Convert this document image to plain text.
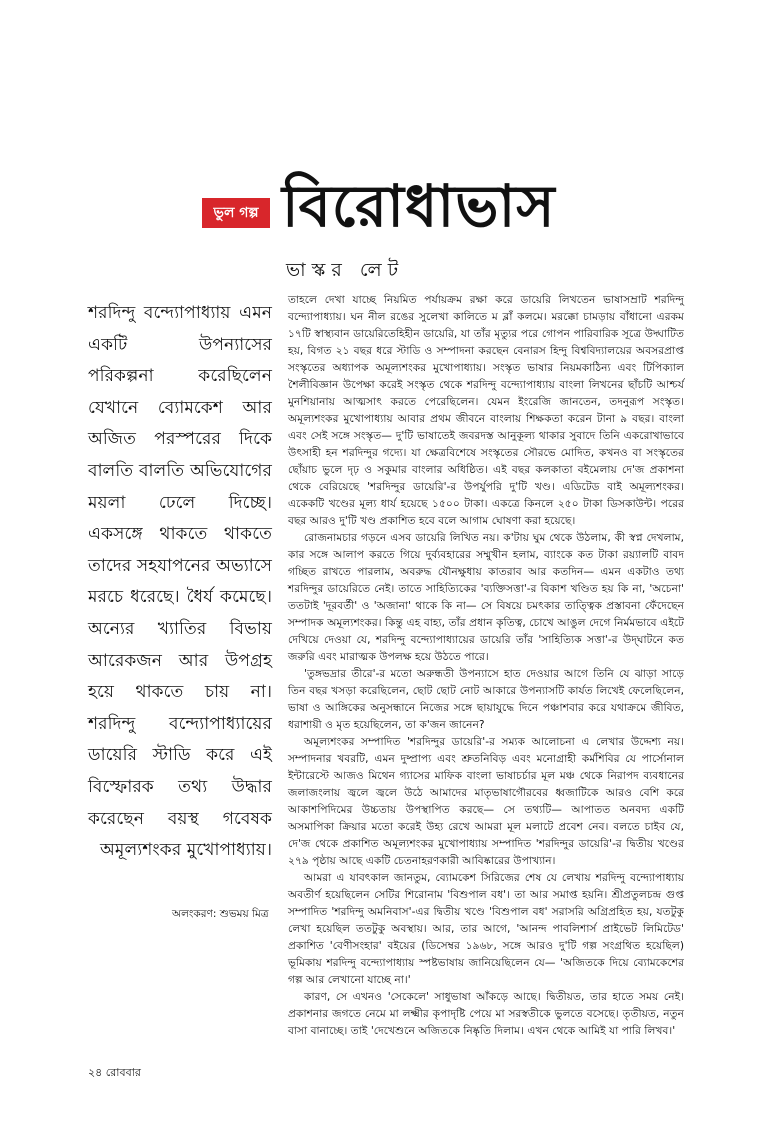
ভুল গল্প বিরোধাভাস
ভাস্কর লেট

শরদিন্দু বন্দ্যোপাধ্যায় এমন একটি উপন্যাসের পরিকল্পনা করেছিলেন যেখানে ব্যোমকেশ আর অজিত পরস্পরের দিকে বালতি বালতি অভিযোগের ময়লা ঢেলে দিচ্ছে। একসঙ্গে থাকতে থাকতে তাদের সহযাপনের অভ্যাসে মরচে ধরেছে। ধৈর্য কমেছে। অন্যের খ্যাতির বিভায় আরেকজন আর উপগ্রহ হয়ে থাকতে চায় না। শরদিন্দু বন্দ্যোপাধ্যায়ের ডায়েরি স্টাডি করে এই বিস্ফোরক তথ্য উদ্ধার করেছেন বয়স্থ গবেষক অমূল্যশংকর মুখোপাধ্যায়।

অলংকরণ: শুভময় মিত্র

তাহলে দেখা যাচ্ছে নিয়মিত পর্যায়ক্রম রক্ষা করে ডায়েরি লিখতেন ভাষাসম্রাট শরদিন্দু বন্দ্যোপাধ্যায়। ঘন নীল রঙের সুলেখা কালিতে ম ব্লাঁ কলমে। মরক্কো চামড়ায় বাঁধানো এরকম ১৭টি স্বাস্থ্যবান ডায়েরিতেহিহীন ডায়েরি, যা তাঁর মৃত্যুর পরে গোপন পারিবারিক সূত্রে উদ্ঘাটিত হয়, বিগত ২১ বছর ধরে স্টাডি ও সম্পাদনা করছেন বেনারস হিন্দু বিশ্ববিদ্যালয়ের অবসরপ্রাপ্ত সংস্কৃতের অধ্যাপক অমূল্যশংকর মুখোপাধ্যায়। সংস্কৃত ভাষার নিয়মকাঠিন্য এবং টিপিক্যাল শৈলীবিজ্ঞান উপেক্ষা করেই সংস্কৃত থেকে শরদিন্দু বন্দ্যোপাধ্যায় বাংলা লিখনের ছাঁচটি আশ্চর্য মুনশিয়ানায় আত্মসাৎ করতে পেরেছিলেন। যেমন ইংরেজি জানতেন, তদনুরূপ সংস্কৃত। অমূল্যশংকর মুখোপাধ্যায় আবার প্রথম জীবনে বাংলায় শিক্ষকতা করেন টানা ৯ বছর। বাংলা এবং সেই সঙ্গে সংস্কৃত— দু'টি ভাষাতেই জবরদস্ত আনুকূল্য থাকার সুবাদে তিনি একরোখাভাবে উৎসাহী হন শরদিন্দুর গদ্যে। যা ক্ষেত্রবিশেষে সংস্কৃতের সৌরভে মোদিত, কখনও বা সংস্কৃতের ছোঁয়াচ ভুলে দৃঢ় ও সকুমার বাংলার অধিষ্ঠিত। এই বছর কলকাতা বইমেলায় দে'জ প্রকাশনা থেকে বেরিয়েছে 'শরদিন্দুর ডায়েরি'-র উপর্যুপরি দু'টি খণ্ড। এডিটেড বাই অমূল্যশংকর। একেকটি খণ্ডের মূল্য ধার্য হয়েছে ১৫০০ টাকা। একত্রে কিনলে ২৫০ টাকা ডিসকাউন্ট। পরের বছর আরও দু'টি খণ্ড প্রকাশিত হবে বলে আগাম ঘোষণা করা হয়েছে।

রোজনামচার গড়নে এসব ডায়েরি লিখিত নয়। ক'টায় ঘুম থেকে উঠলাম, কী স্বপ্ন দেখলাম, কার সঙ্গে আলাপ করতে গিয়ে দুর্ব্যবহারের সম্মুখীন হলাম, ব্যাংকে কত টাকা রয়্যালটি বাবদ গচ্ছিত রাখতে পারলাম, অবরুদ্ধ যৌনক্ষুধায় কাতরাব আর কতদিন— এমন একটাও তথ্য শরদিন্দুর ডায়েরিতে নেই। তাতে সাহিত্যিকের 'ব্যক্তিসত্তা'-র বিকাশ খণ্ডিত হয় কি না, 'অচেনা' ততটাই 'দূরবর্তী' ও 'অজানা' থাকে কি না— সে বিষয়ে চমৎকার তাত্ত্বিক প্রস্তাবনা ফেঁদেছেন সম্পাদক অমূল্যশংকর। কিন্তু এহ বাহ্য, তাঁর প্রধান কৃতিত্ব, চোখে আঙুল দেগে নির্মমভাবে এইটে দেখিয়ে দেওয়া যে, শরদিন্দু বন্দ্যোপাধ্যায়ের ডায়েরি তাঁর 'সাহিত্যিক সত্তা'-র উদ্‌ঘাটনে কত জরুরি এবং মারাত্মক উপলক্ষ হয়ে উঠতে পারে।

'তুঙ্গভদ্রার তীরে'-র মতো অরুন্ধতী উপন্যাসে হাত দেওয়ার আগে তিনি যে ঝাড়া সাড়ে তিন বছর খসড়া করেছিলেন, ছোট ছোট নোট আকারে উপন্যাসটি কার্যত লিখেই ফেলেছিলেন, ভাষা ও আঙ্গিকের অনুসন্ধানে নিজের সঙ্গে ছায়াযুদ্ধে দিনে পঞ্চাশবার করে যথাক্রমে জীবিত, ধরাশায়ী ও মৃত হয়েছিলেন, তা ক'জন জানেন?

অমূল্যশংকর সম্পাদিত 'শরদিন্দুর ডায়েরি'-র সম্যক আলোচনা এ লেখার উদ্দেশ্য নয়। সম্পাদনার খবরটি, এমন দুষ্প্রাপ্য এবং শ্রুতনিবিড় এবং মনোগ্রাহী কর্মশিবির যে পার্সোনাল ইন্টারেস্টে আজও মিথেন গ্যাসের মাফিক বাংলা ভাষাচর্চার মূল মঞ্চ থেকে নিরাপদ ব্যবধানের জলাজংলায় জ্বলে জ্বলে উঠে আমাদের মাতৃভাষাগৌরবের ধ্বজাটিকে আরও বেশি করে আকাশপিদিমের উচ্চতায় উপস্থাপিত করছে— সে তথ্যটি— আপাতত অনবদ্য একটি অসমাপিকা ক্রিয়ার মতো করেই উহ্য রেখে আমরা মূল মলাটে প্রবেশ নেব। বলতে চাইব যে, দে'জ থেকে প্রকাশিত অমূল্যশংকর মুখোপাধ্যায় সম্পাদিত 'শরদিন্দুর ডায়েরি'-র দ্বিতীয় খণ্ডের ২৭৯ পৃষ্ঠায় আছে একটি চেতনাহরণকারী আবিষ্কারের উপাখ্যান।

আমরা এ যাবৎকাল জানতুম, ব্যোমকেশ সিরিজের শেষ যে লেখায় শরদিন্দু বন্দ্যোপাধ্যায় অবতীর্ণ হয়েছিলেন সেটির শিরোনাম 'বিশুপাল বধ'। তা আর সমাপ্ত হয়নি। শ্রীপ্রতুলচন্দ্র গুপ্ত সম্পাদিত 'শরদিন্দু অমনিবাস'-এর দ্বিতীয় খণ্ডে 'বিশুপাল বধ' সরাসরি অগ্রিপ্রহিত হয়, যতটুকু লেখা হয়েছিল ততটুকু অবস্থায়। আর, তার আগে, 'আনন্দ পাবলিশার্স প্রাইভেট লিমিটেড' প্রকাশিত 'বেণীসংহার' বইয়ের (ডিসেম্বর ১৯৬৮, সঙ্গে আরও দু'টি গল্প সংগ্রথিত হয়েছিল) ভূমিকায় শরদিন্দু বন্দ্যোপাধ্যায় স্পষ্টভাষায় জানিয়েছিলেন যে— 'অজিতকে দিয়ে ব্যোমকেশের গল্প আর লেখানো যাচ্ছে না।'

কারণ, সে এখনও 'সেকেলে' সাধুভাষা আঁকড়ে আছে। দ্বিতীয়ত, তার হাতে সময় নেই। প্রকাশনার জগতে নেমে মা লক্ষ্মীর কৃপাদৃষ্টি পেয়ে মা সরস্বতীকে ভুলতে বসেছে। তৃতীয়ত, নতুন বাসা বানাচ্ছে। তাই 'দেখেশুনে অজিতকে নিষ্কৃতি দিলাম। এখন থেকে আমিই যা পারি লিখব।'

২৪ রোববার
